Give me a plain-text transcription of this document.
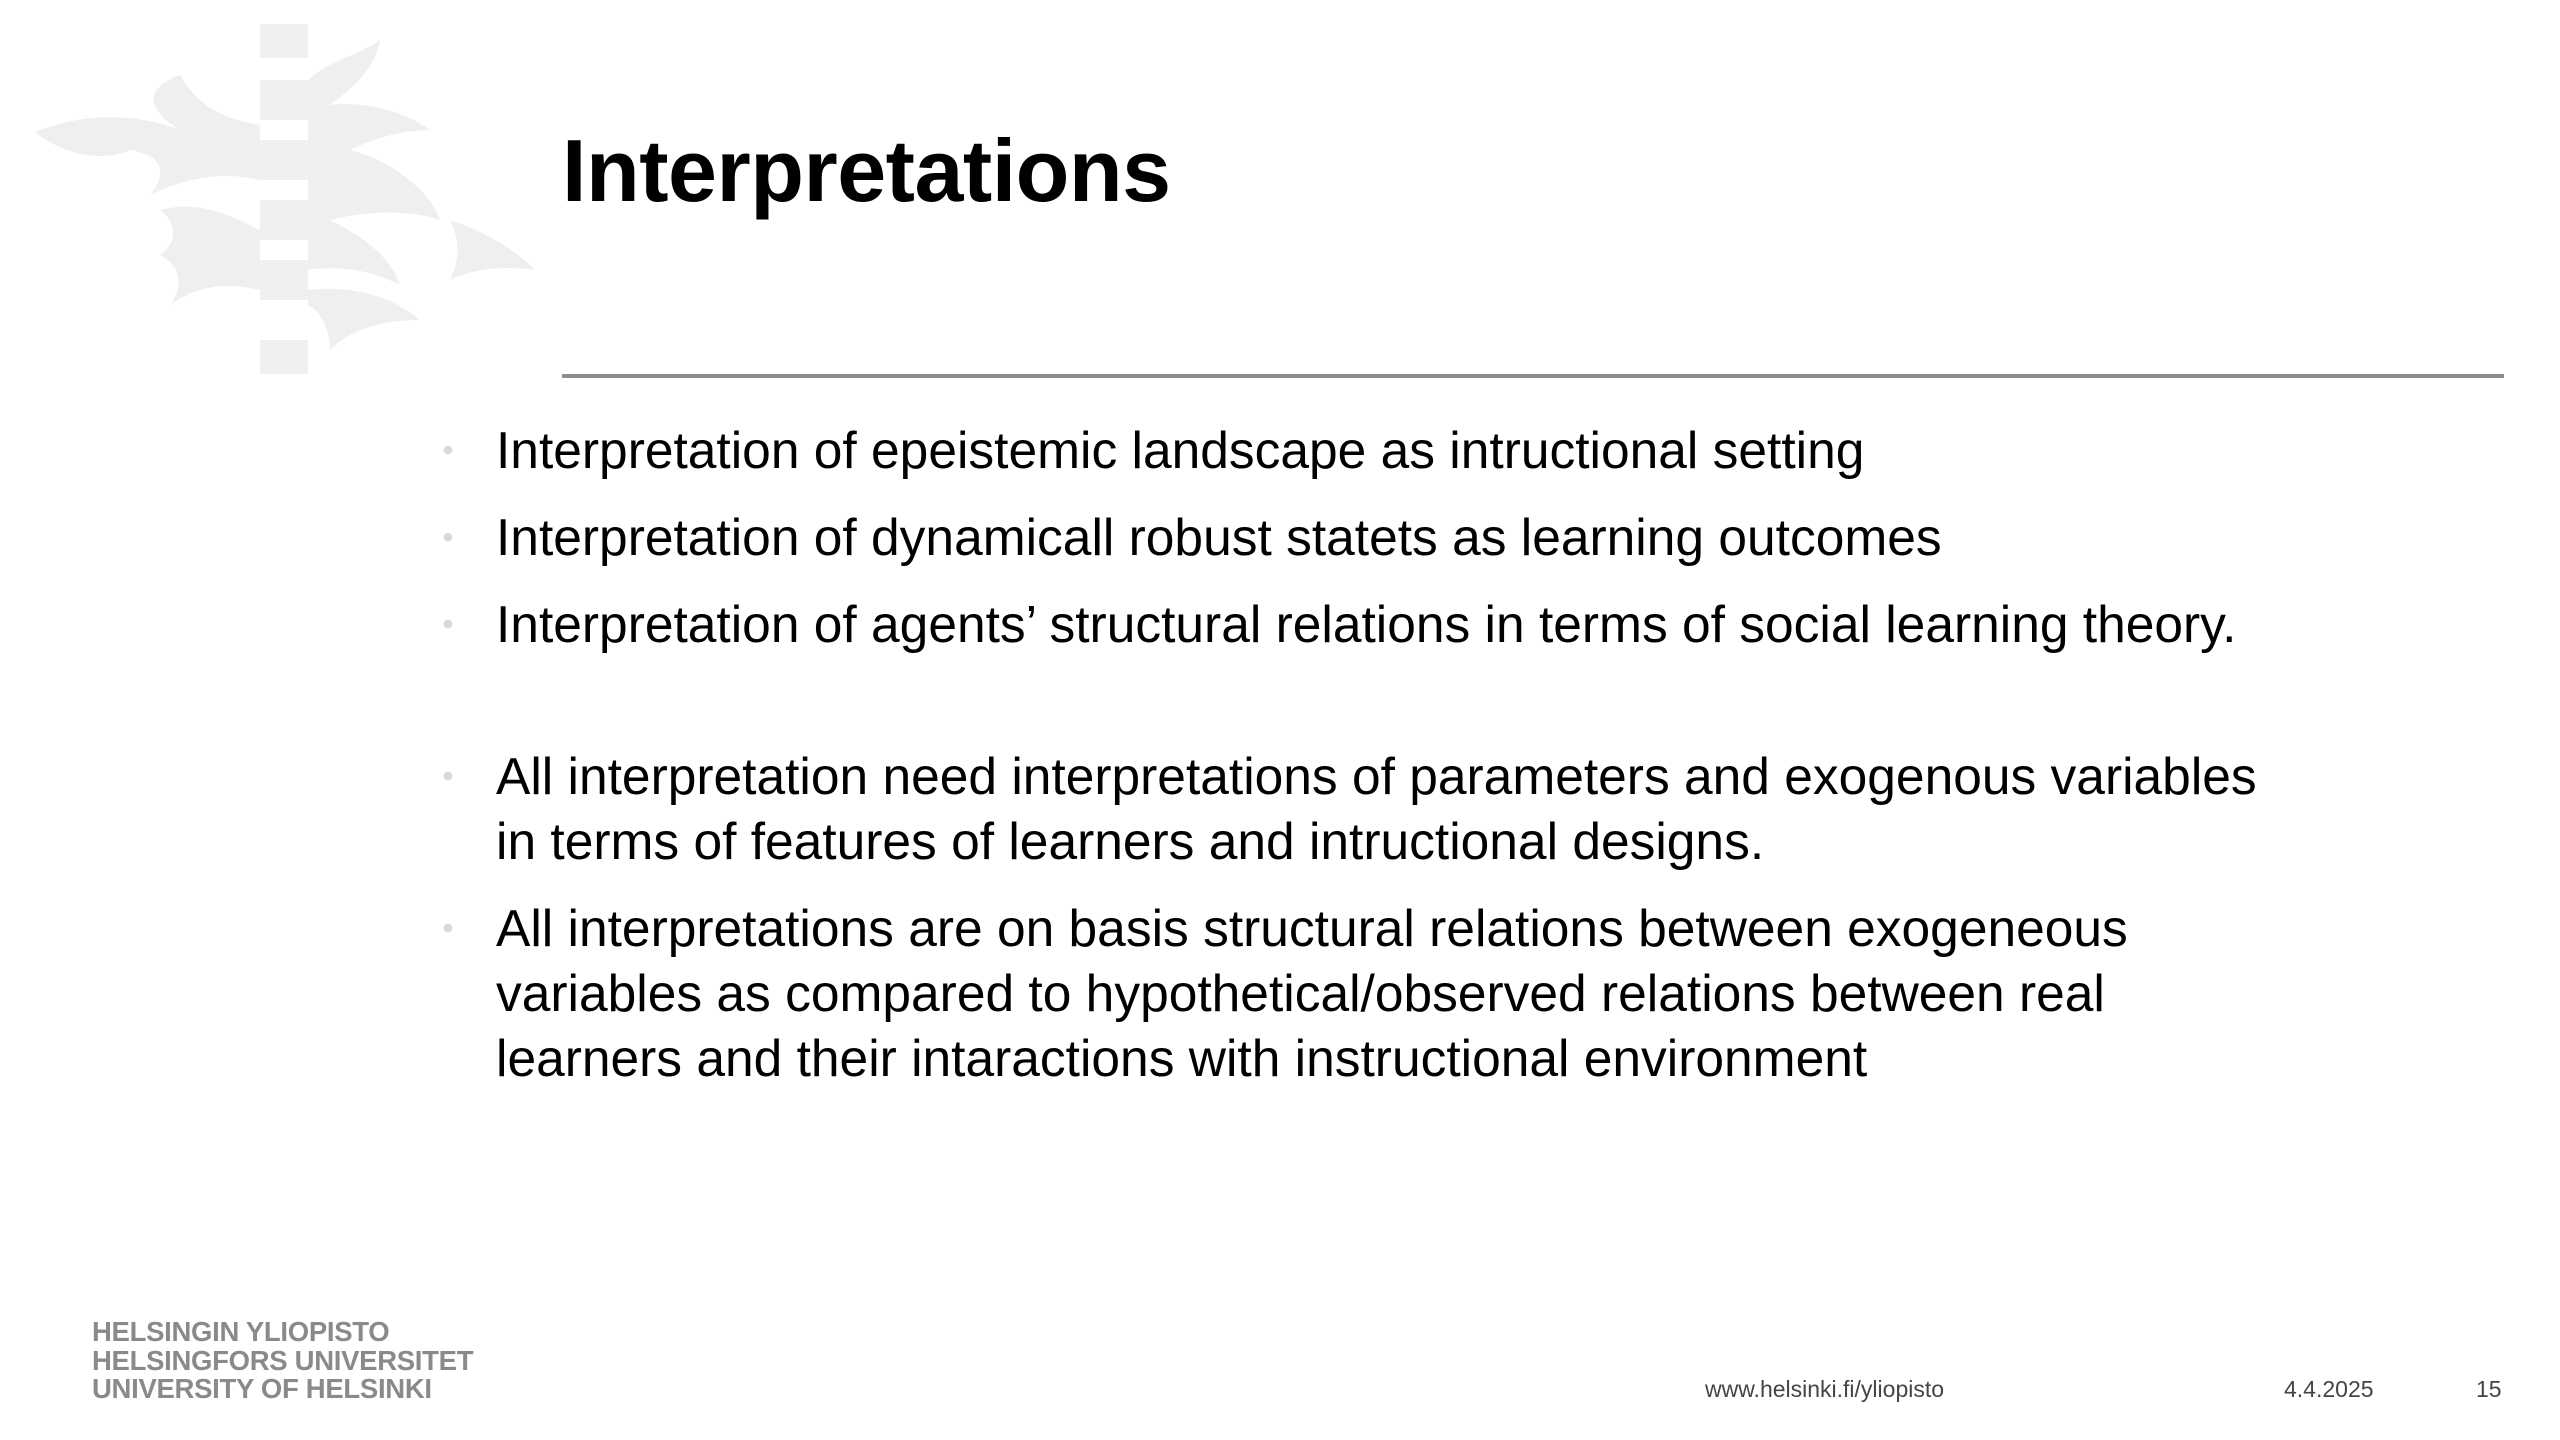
Interpretations
• Interpretation of epeistemic landscape as intructional setting
• Interpretation of dynamicall robust statets as learning outcomes
• Interpretation of agents’ structural relations in terms of social learning theory.
• All interpretation need interpretations of parameters and exogenous variables in terms of features of learners and intructional designs.
• All interpretations are on basis structural relations between exogeneous variables as compared to hypothetical/observed relations between real learners and their intaractions with instructional environment
HELSINGIN YLIOPISTO
HELSINGFORS UNIVERSITET
UNIVERSITY OF HELSINKI	www.helsinki.fi/yliopisto	4.4.2025	15
